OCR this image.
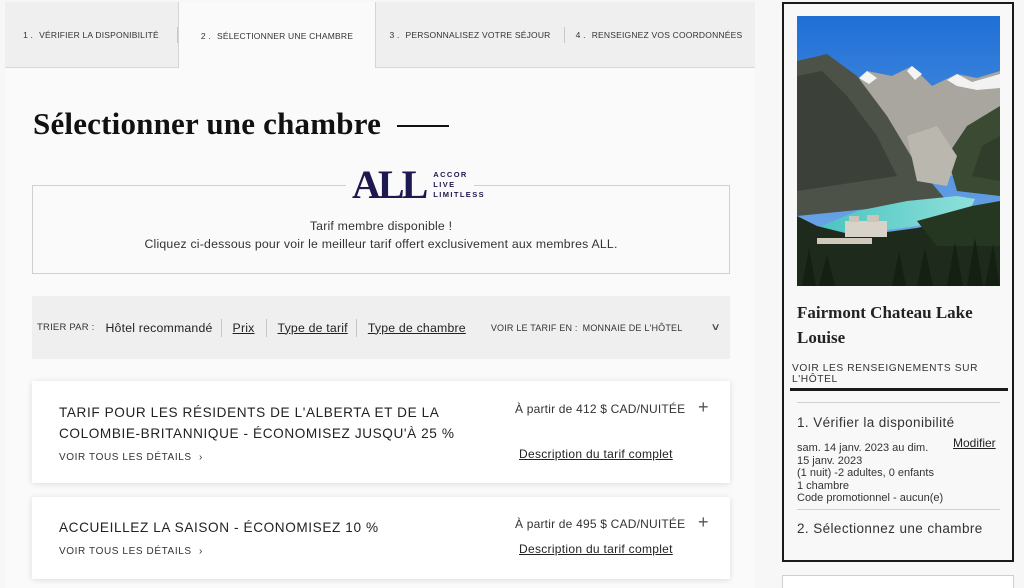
1 . VÉRIFIER LA DISPONIBILITÉ	2 . SÉLECTIONNER UNE CHAMBRE	3 . PERSONNALISEZ VOTRE SÉJOUR	4 . RENSEIGNEZ VOS COORDONNÉES
Sélectionner une chambre
ALL ACCOR
LIVE
LIMITLESS
Tarif membre disponible !
Cliquez ci-dessous pour voir le meilleur tarif offert exclusivement aux membres ALL.
TRIER PAR : Hôtel recommandé	Prix	Type de tarif	Type de chambre	VOIR LE TARIF EN : MONNAIE DE L'HÔTEL	∨
TARIF POUR LES RÉSIDENTS DE L'ALBERTA ET DE LA COLOMBIE-BRITANNIQUE - ÉCONOMISEZ JUSQU'À 25 %
VOIR TOUS LES DÉTAILS ›
À partir de 412 $ CAD/NUITÉE
Description du tarif complet
+
ACCUEILLEZ LA SAISON - ÉCONOMISEZ 10 %
VOIR TOUS LES DÉTAILS ›
À partir de 495 $ CAD/NUITÉE
Description du tarif complet
+
Fairmont Chateau Lake Louise
VOIR LES RENSEIGNEMENTS SUR L'HÔTEL
1. Vérifier la disponibilité
Modifier
sam. 14 janv. 2023 au dim.
15 janv. 2023
(1 nuit) -2 adultes, 0 enfants
1 chambre
Code promotionnel - aucun(e)
2. Sélectionnez une chambre
